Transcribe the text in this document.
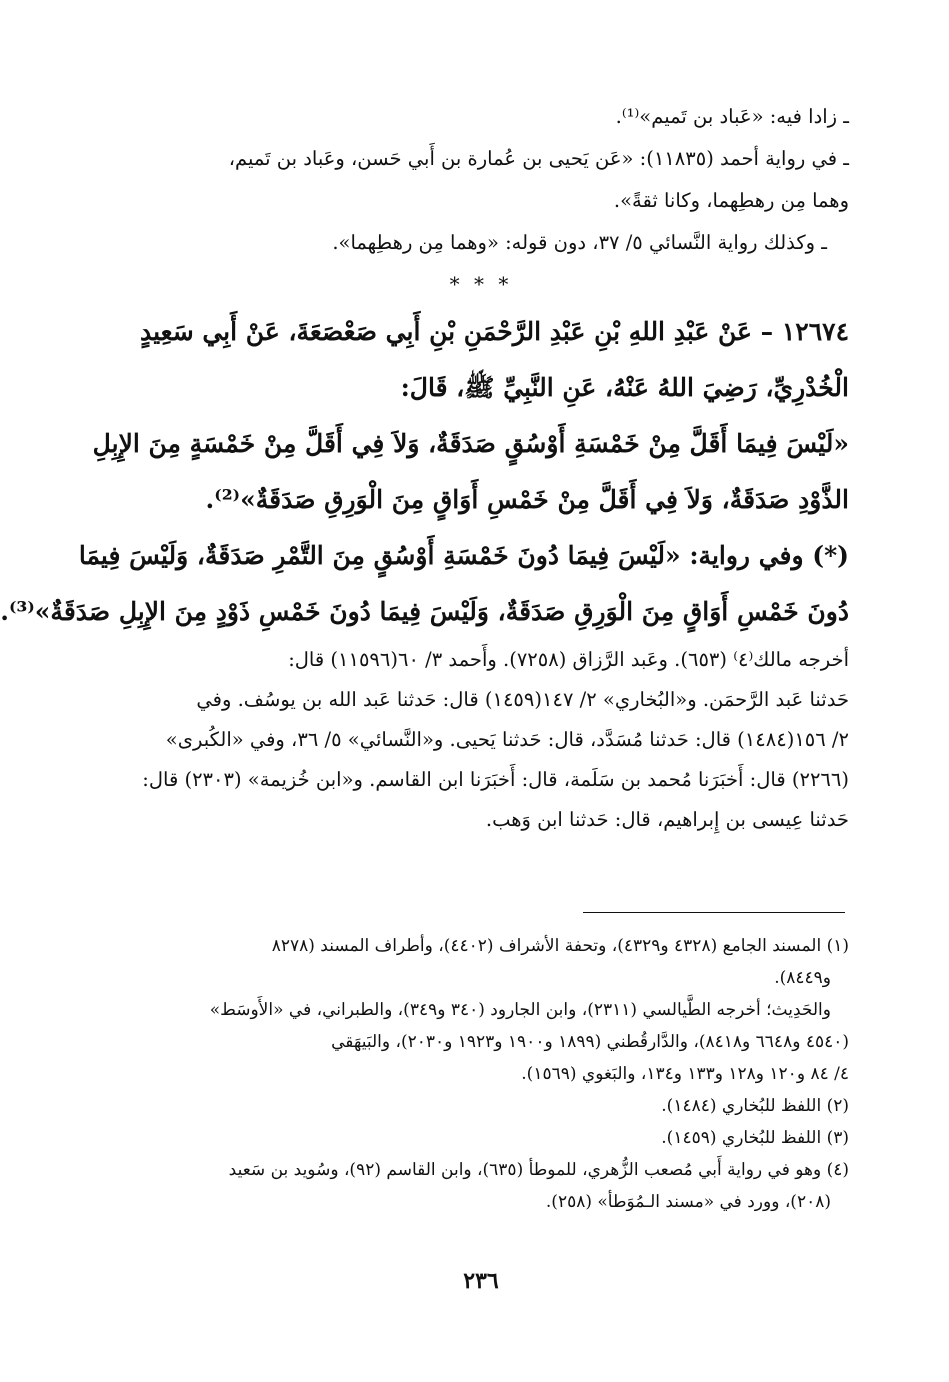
ـ زادا فيه: «عَباد بن تَميم»⁽¹⁾.
ـ في رواية أحمد (١١٨٣٥): «عَن يَحيى بن عُمارة بن أَبي حَسن، وعَباد بن تَميم،
وهما مِن رهطِهما، وكانا ثقةً».
ـ وكذلك رواية النَّسائي ٥/ ٣٧، دون قوله: «وهما مِن رهطِهما».
* * *
١٢٦٧٤ – عَنْ عَبْدِ اللهِ بْنِ عَبْدِ الرَّحْمَنِ بْنِ أَبِي صَعْصَعَةَ، عَنْ أَبِي سَعِيدٍ
الْخُدْرِيِّ، رَضِيَ اللهُ عَنْهُ، عَنِ النَّبِيِّ ﷺ، قَالَ:
«لَيْسَ فِيمَا أَقَلَّ مِنْ خَمْسَةِ أَوْسُقٍ صَدَقَةٌ، وَلاَ فِي أَقَلَّ مِنْ خَمْسَةٍ مِنَ الإِبِلِ
الذَّوْدِ صَدَقَةٌ، وَلاَ فِي أَقَلَّ مِنْ خَمْسِ أَوَاقٍ مِنَ الْوَرِقِ صَدَقَةٌ»⁽²⁾.
(*) وفي رواية: «لَيْسَ فِيمَا دُونَ خَمْسَةِ أَوْسُقٍ مِنَ التَّمْرِ صَدَقَةٌ، وَلَيْسَ فِيمَا
دُونَ خَمْسِ أَوَاقٍ مِنَ الْوَرِقِ صَدَقَةٌ، وَلَيْسَ فِيمَا دُونَ خَمْسِ ذَوْدٍ مِنَ الإِبِلِ صَدَقَةٌ»⁽³⁾.
أخرجه مالك⁽٤⁾ (٦٥٣). وعَبد الرَّزاق (٧٢٥٨). وأَحمد ٣/ ٦٠(١١٥٩٦) قال:
حَدثنا عَبد الرَّحمَن. و«البُخاري» ٢/ ١٤٧(١٤٥٩) قال: حَدثنا عَبد الله بن يوسُف. وفي
٢/ ١٥٦(١٤٨٤) قال: حَدثنا مُسَدَّد، قال: حَدثنا يَحيى. و«النَّسائي» ٥/ ٣٦، وفي «الكُبرى»
(٢٢٦٦) قال: أَخبَرَنا مُحمد بن سَلَمة، قال: أَخبَرَنا ابن القاسم. و«ابن خُزيمة» (٢٣٠٣) قال:
حَدثنا عِيسى بن إِبراهيم، قال: حَدثنا ابن وَهب.
(١) المسند الجامع (٤٣٢٨ و٤٣٢٩)، وتحفة الأشراف (٤٤٠٢)، وأطراف المسند (٨٢٧٨
و٨٤٤٩).
والحَدِيث؛ أخرجه الطَّيالسي (٢٣١١)، وابن الجارود (٣٤٠ و٣٤٩)، والطبراني، في «الأَوسَط»
(٤٥٤٠ و٦٦٤٨ و٨٤١٨)، والدَّارقُطني (١٨٩٩ و١٩٠٠ و١٩٢٣ و٢٠٣٠)، والبَيهَقي
٤/ ٨٤ و١٢٠ و١٢٨ و١٣٣ و١٣٤، والبَغوي (١٥٦٩).
(٢) اللفظ للبُخاري (١٤٨٤).
(٣) اللفظ للبُخاري (١٤٥٩).
(٤) وهو في رواية أَبي مُصعب الزُّهري، للموطأ (٦٣٥)، وابن القاسم (٩٢)، وسُويد بن سَعيد
(٢٠٨)، وورد في «مسند الـمُوَطأ» (٢٥٨).
٢٣٦
